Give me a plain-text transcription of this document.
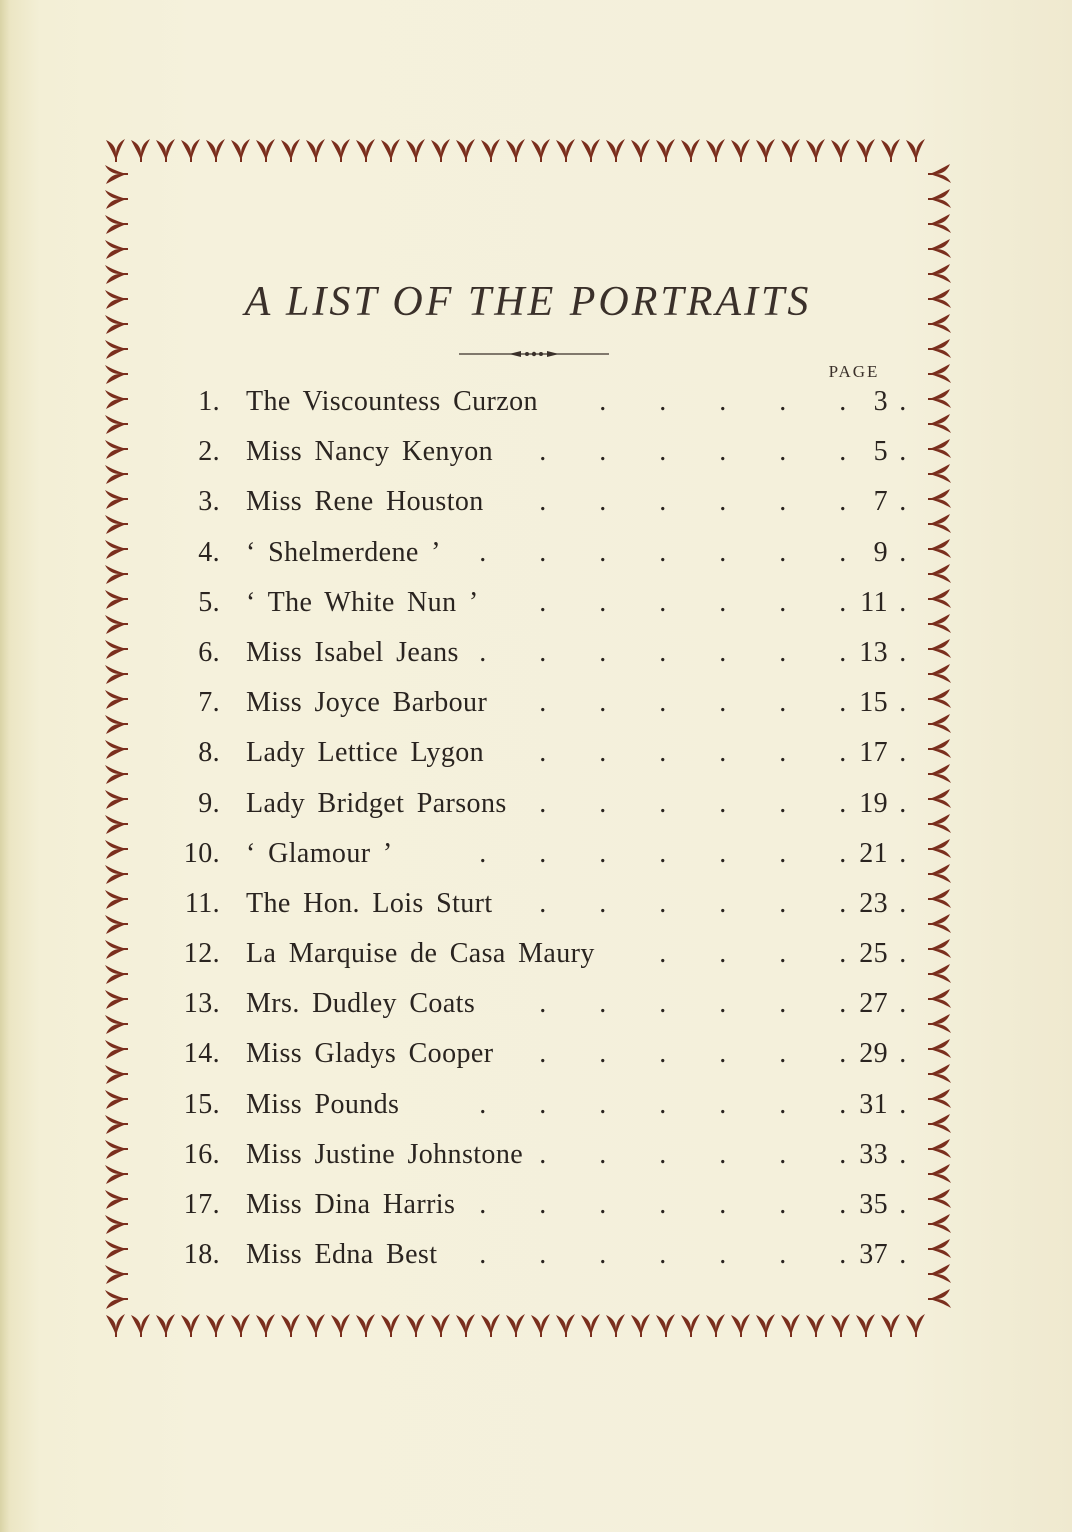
A LIST OF THE PORTRAITS
PAGE
1. The Viscountess Curzon . . . . . .
3
2. Miss Nancy Kenyon . . . . . . .
5
3. Miss Rene Houston . . . . . . .
7
4. ‘ Shelmerdene ’ . . . . . . . .
9
5. ‘ The White Nun ’ . . . . . . .
11
6. Miss Isabel Jeans . . . . . . . .
13
7. Miss Joyce Barbour . . . . . . .
15
8. Lady Lettice Lygon . . . . . . .
17
9. Lady Bridget Parsons . . . . . . .
19
10. ‘ Glamour ’	. . . . . . . .
21
11. The Hon. Lois Sturt . . . . . . .
23
12. La Marquise de Casa Maury . . . . .
25
13. Mrs. Dudley Coats . . . . . . .
27
14. Miss Gladys Cooper . . . . . . .
29
15. Miss Pounds	. . . . . . . .
31
16. Miss Justine Johnstone . . . . . . .
33
17. Miss Dina Harris . . . . . . . .
35
18. Miss Edna Best . . . . . . . .
37
